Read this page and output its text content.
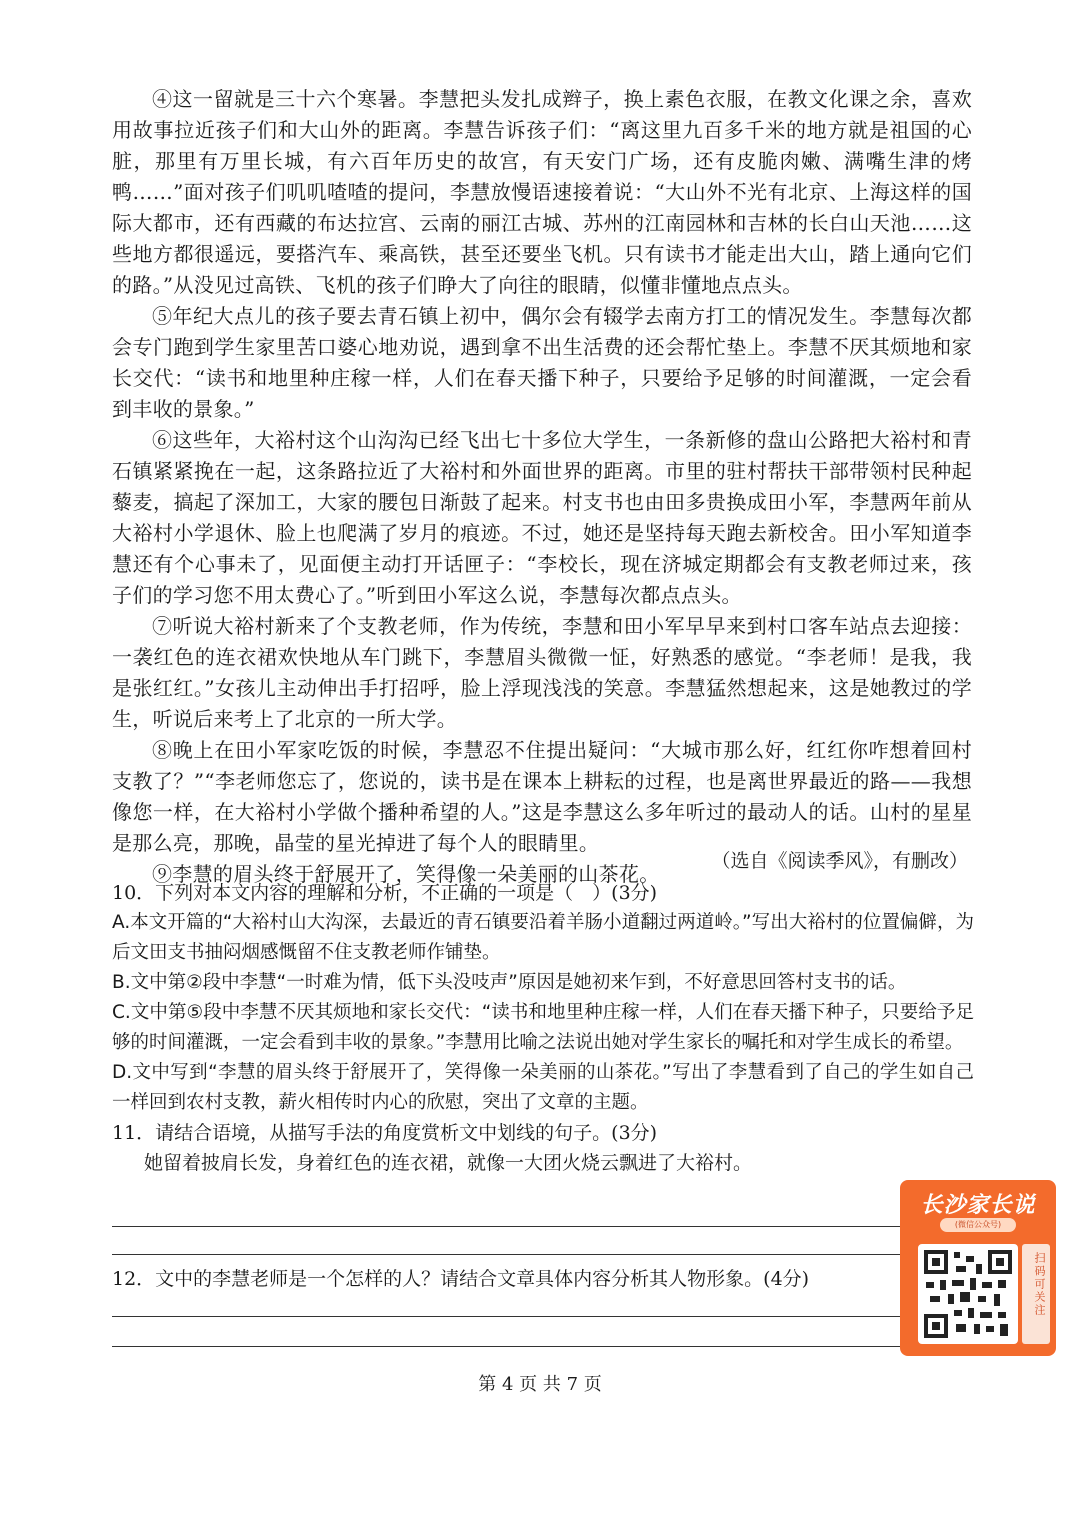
④这一留就是三十六个寒暑。李慧把头发扎成辫子，换上素色衣服，在教文化课之余，喜欢用故事拉近孩子们和大山外的距离。李慧告诉孩子们：“离这里九百多千米的地方就是祖国的心脏，那里有万里长城，有六百年历史的故宫，有天安门广场，还有皮脆肉嫩、满嘴生津的烤鸭……”面对孩子们叽叽喳喳的提问，李慧放慢语速接着说：“大山外不光有北京、上海这样的国际大都市，还有西藏的布达拉宫、云南的丽江古城、苏州的江南园林和吉林的长白山天池……这些地方都很遥远，要搭汽车、乘高铁，甚至还要坐飞机。只有读书才能走出大山，踏上通向它们的路。”从没见过高铁、飞机的孩子们睁大了向往的眼睛，似懂非懂地点点头。

⑤年纪大点儿的孩子要去青石镇上初中，偶尔会有辍学去南方打工的情况发生。李慧每次都会专门跑到学生家里苦口婆心地劝说，遇到拿不出生活费的还会帮忙垫上。李慧不厌其烦地和家长交代：“读书和地里种庄稼一样，人们在春天播下种子，只要给予足够的时间灌溉，一定会看到丰收的景象。”

⑥这些年，大裕村这个山沟沟已经飞出七十多位大学生，一条新修的盘山公路把大裕村和青石镇紧紧挽在一起，这条路拉近了大裕村和外面世界的距离。市里的驻村帮扶干部带领村民种起藜麦，搞起了深加工，大家的腰包日渐鼓了起来。村支书也由田多贵换成田小军，李慧两年前从大裕村小学退休、脸上也爬满了岁月的痕迹。不过，她还是坚持每天跑去新校舍。田小军知道李慧还有个心事未了，见面便主动打开话匣子：“李校长，现在济城定期都会有支教老师过来，孩子们的学习您不用太费心了。”听到田小军这么说，李慧每次都点点头。

⑦听说大裕村新来了个支教老师，作为传统，李慧和田小军早早来到村口客车站点去迎接：一袭红色的连衣裙欢快地从车门跳下，李慧眉头微微一怔，好熟悉的感觉。“李老师！是我，我是张红红。”女孩儿主动伸出手打招呼，脸上浮现浅浅的笑意。李慧猛然想起来，这是她教过的学生，听说后来考上了北京的一所大学。

⑧晚上在田小军家吃饭的时候，李慧忍不住提出疑问：“大城市那么好，红红你咋想着回村支教了？”“李老师您忘了，您说的，读书是在课本上耕耘的过程，也是离世界最近的路——我想像您一样，在大裕村小学做个播种希望的人。”这是李慧这么多年听过的最动人的话。山村的星星是那么亮，那晚，晶莹的星光掉进了每个人的眼睛里。

⑨李慧的眉头终于舒展开了，笑得像一朵美丽的山茶花。

（选自《阅读季风》，有删改）

10．下列对本文内容的理解和分析，不正确的一项是（　）(3分)

A.本文开篇的“大裕村山大沟深，去最近的青石镇要沿着羊肠小道翻过两道岭。”写出大裕村的位置偏僻，为后文田支书抽闷烟感慨留不住支教老师作铺垫。

B.文中第②段中李慧“一时难为情，低下头没吱声”原因是她初来乍到，不好意思回答村支书的话。

C.文中第⑤段中李慧不厌其烦地和家长交代：“读书和地里种庄稼一样，人们在春天播下种子，只要给予足够的时间灌溉，一定会看到丰收的景象。”李慧用比喻之法说出她对学生家长的嘱托和对学生成长的希望。

D.文中写到“李慧的眉头终于舒展开了，笑得像一朵美丽的山茶花。”写出了李慧看到了自己的学生如自己一样回到农村支教，薪火相传时内心的欣慰，突出了文章的主题。

11．请结合语境，从描写手法的角度赏析文中划线的句子。(3分)

她留着披肩长发，身着红色的连衣裙，就像一大团火烧云飘进了大裕村。

12．文中的李慧老师是一个怎样的人？请结合文章具体内容分析其人物形象。(4分)

第 4 页 共 7 页
长沙家长说
(微信公众号)
扫码可关注
